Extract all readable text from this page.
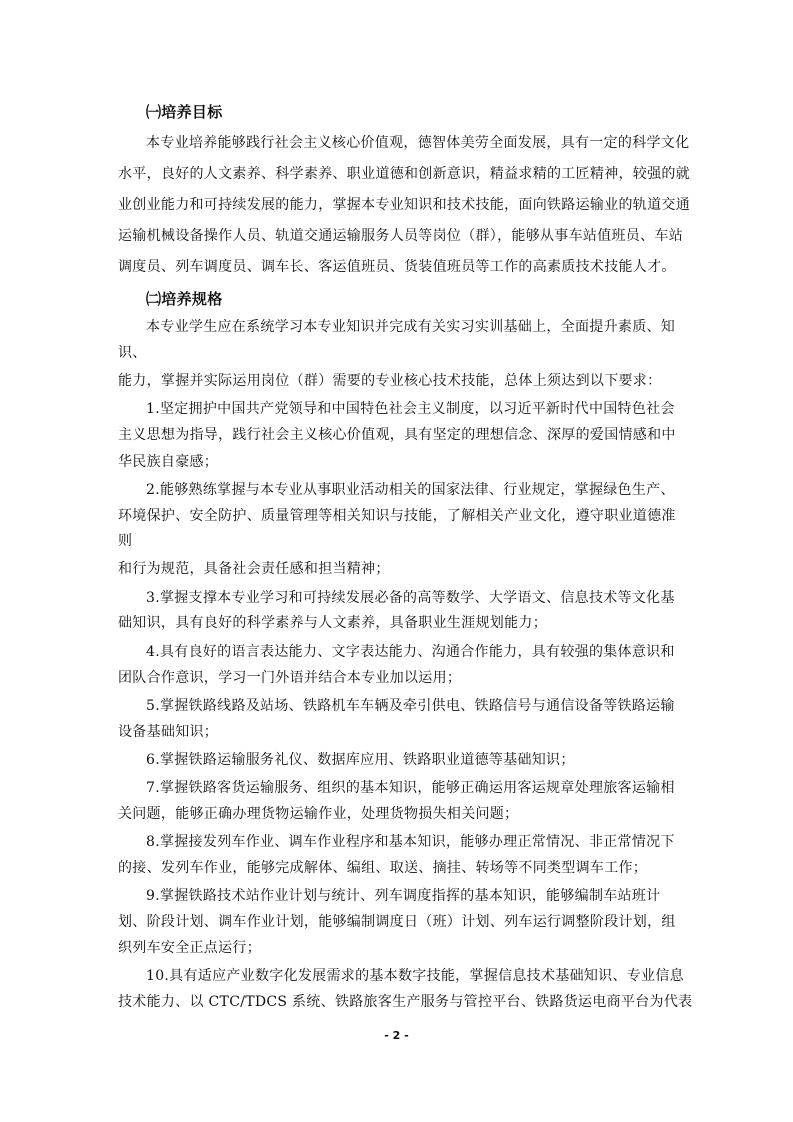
㈠培养目标
本专业培养能够践行社会主义核心价值观，德智体美劳全面发展，具有一定的科学文化
水平，良好的人文素养、科学素养、职业道德和创新意识，精益求精的工匠精神，较强的就
业创业能力和可持续发展的能力，掌握本专业知识和技术技能，面向铁路运输业的轨道交通
运输机械设备操作人员、轨道交通运输服务人员等岗位（群），能够从事车站值班员、车站
调度员、列车调度员、调车长、客运值班员、货装值班员等工作的高素质技术技能人才。
㈡培养规格
本专业学生应在系统学习本专业知识并完成有关实习实训基础上，全面提升素质、知
识、
能力，掌握并实际运用岗位（群）需要的专业核心技术技能，总体上须达到以下要求：
1.坚定拥护中国共产党领导和中国特色社会主义制度，以习近平新时代中国特色社会
主义思想为指导，践行社会主义核心价值观，具有坚定的理想信念、深厚的爱国情感和中
华民族自豪感；
2.能够熟练掌握与本专业从事职业活动相关的国家法律、行业规定，掌握绿色生产、
环境保护、安全防护、质量管理等相关知识与技能，了解相关产业文化，遵守职业道德准
则
和行为规范，具备社会责任感和担当精神；
3.掌握支撑本专业学习和可持续发展必备的高等数学、大学语文、信息技术等文化基
础知识，具有良好的科学素养与人文素养，具备职业生涯规划能力；
4.具有良好的语言表达能力、文字表达能力、沟通合作能力，具有较强的集体意识和
团队合作意识，学习一门外语并结合本专业加以运用；
5.掌握铁路线路及站场、铁路机车车辆及牵引供电、铁路信号与通信设备等铁路运输
设备基础知识；
6.掌握铁路运输服务礼仪、数据库应用、铁路职业道德等基础知识；
7.掌握铁路客货运输服务、组织的基本知识，能够正确运用客运规章处理旅客运输相
关问题，能够正确办理货物运输作业，处理货物损失相关问题；
8.掌握接发列车作业、调车作业程序和基本知识，能够办理正常情况、非正常情况下
的接、发列车作业，能够完成解体、编组、取送、摘挂、转场等不同类型调车工作；
9.掌握铁路技术站作业计划与统计、列车调度指挥的基本知识，能够编制车站班计
划、阶段计划、调车作业计划，能够编制调度日（班）计划、列车运行调整阶段计划，组
织列车安全正点运行；
10.具有适应产业数字化发展需求的基本数字技能，掌握信息技术基础知识、专业信息
技术能力、以 CTC/TDCS 系统、铁路旅客生产服务与管控平台、铁路货运电商平台为代表
- 2 -
